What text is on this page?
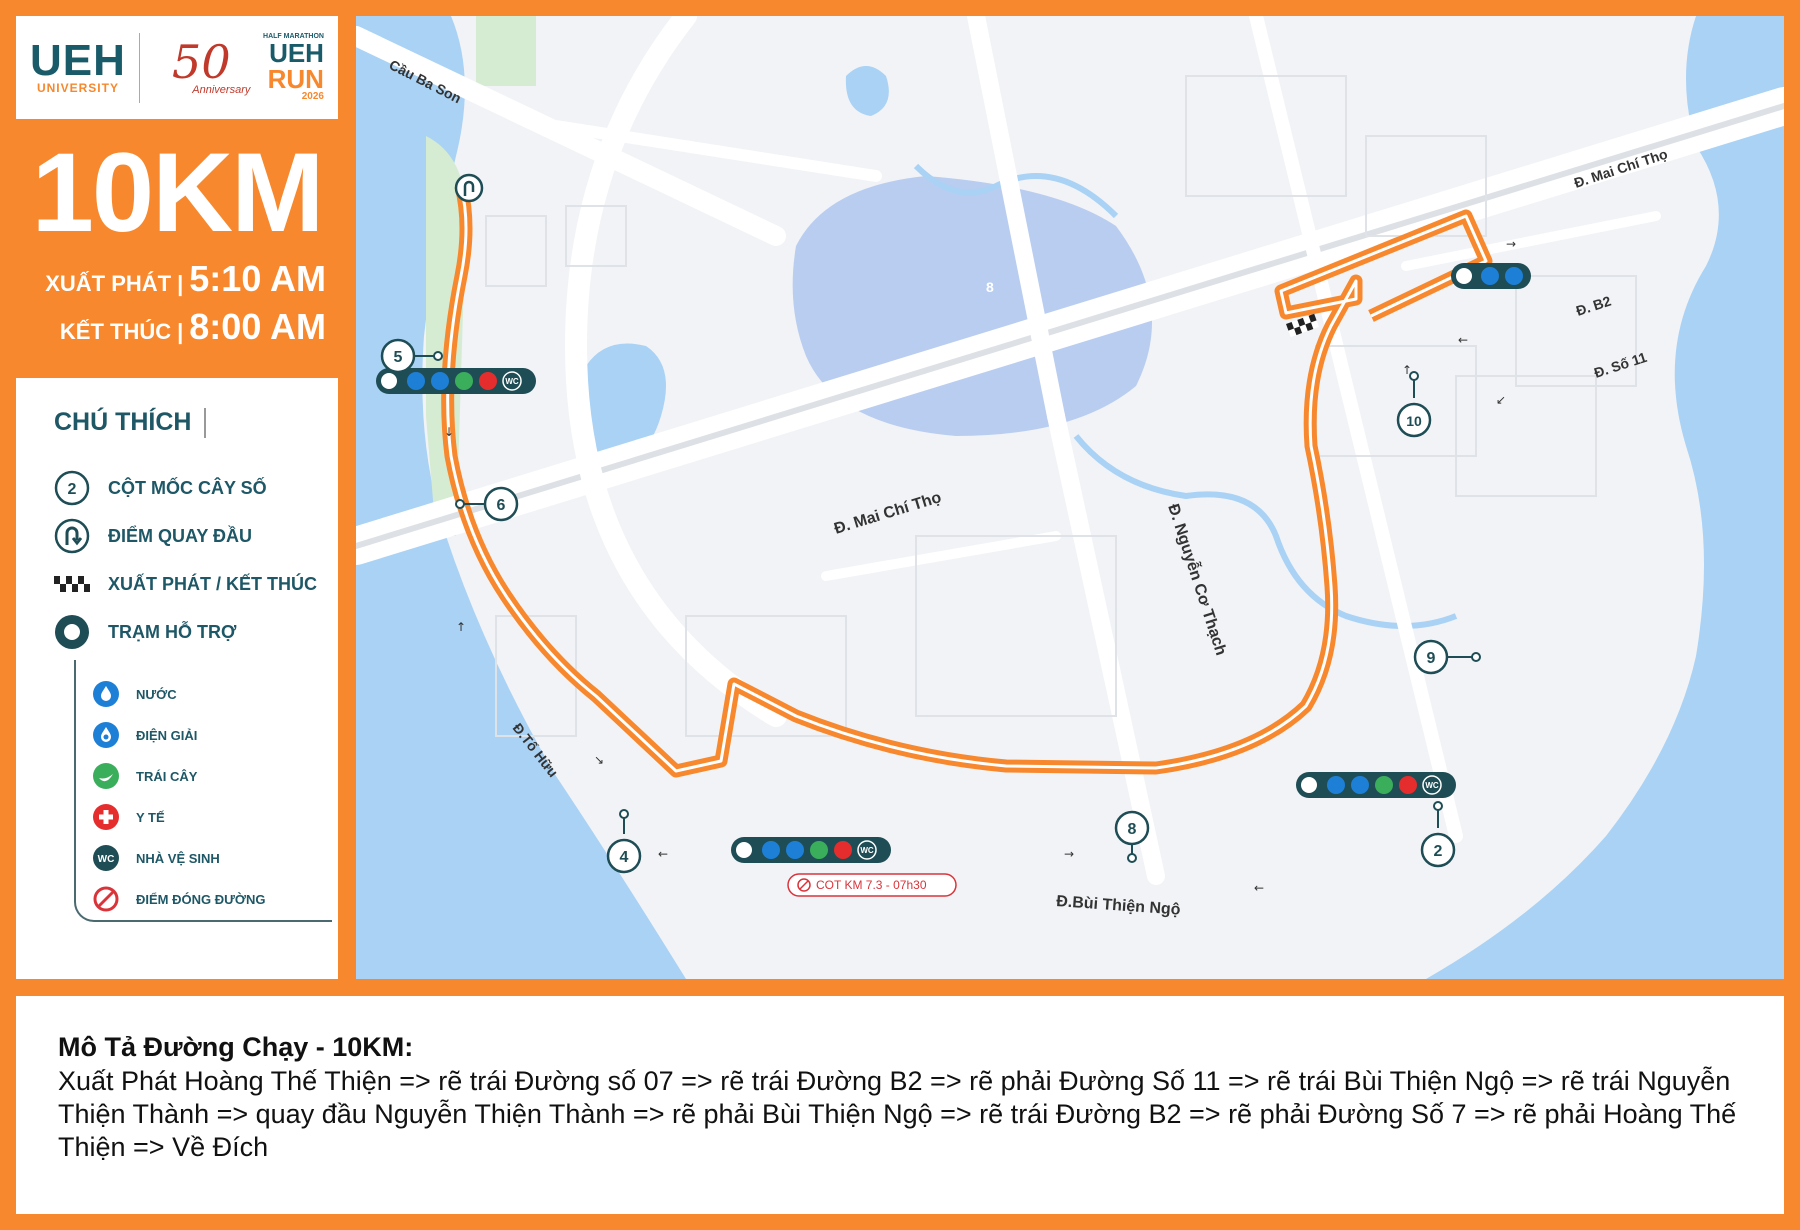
UEH
UNIVERSITY 50
Anniversary
HALF MARATHON
UEH
RUN
2026
10KM
XUẤT PHÁT | 5:10 AM
KẾT THÚC | 8:00 AM
CHÚ THÍCH
2 CỘT MỐC CÂY SỐ
ĐIỂM QUAY ĐẦU
XUẤT PHÁT / KẾT THÚC
TRẠM HỖ TRỢ
NƯỚC
ĐIỆN GIẢI
TRÁI CÂY
Y TẾ
WC NHÀ VỆ SINH
ĐIỂM ĐÓNG ĐƯỜNG
WC
WC
WC
COT KM 7.3 - 07h30
5
6
4
8
2
9
10
Cầu Ba Son
Đ. Mai Chí Thọ
Đ. Mai Chí Thọ
Đ. B2
Đ. Số 11
Đ. Nguyễn Cơ Thạch
Đ.Tố Hữu
Đ.Bùi Thiện Ngộ
8
↓
↑
↘
←	→
←
↙
←
↑
→
Mô Tả Đường Chạy - 10KM:
Xuất Phát Hoàng Thế Thiện => rẽ trái Đường số 07 => rẽ trái Đường B2 => rẽ phải Đường Số 11 => rẽ trái Bùi Thiện Ngộ => rẽ trái Nguyễn Thiện Thành => quay đầu Nguyễn Thiện Thành => rẽ phải Bùi Thiện Ngộ => rẽ trái Đường B2 => rẽ phải Đường Số 7 => rẽ phải Hoàng Thế Thiện => Về Đích
